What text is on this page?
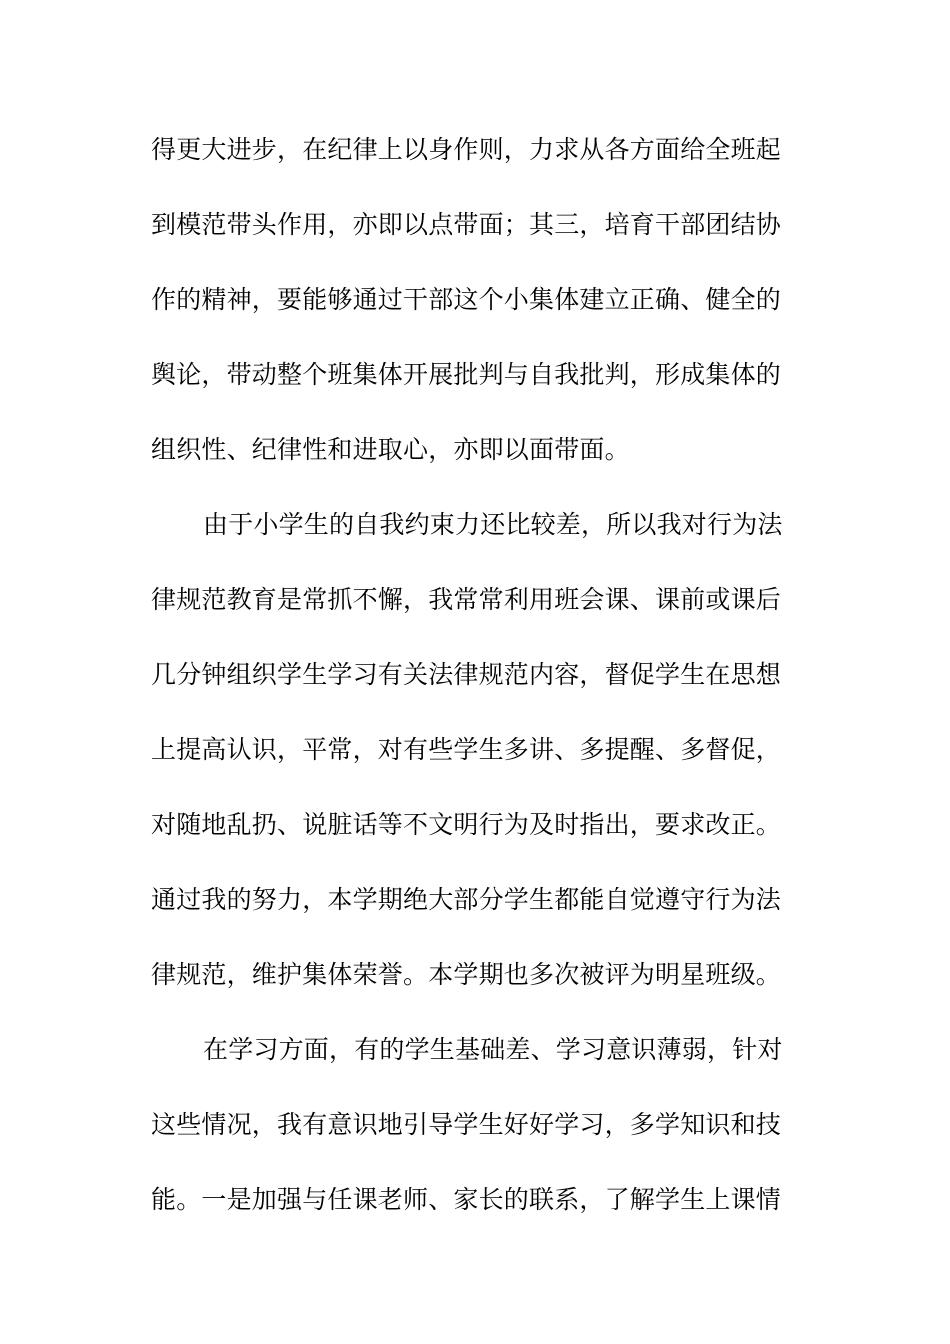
得更大进步，在纪律上以身作则，力求从各方面给全班起
到模范带头作用，亦即以点带面；其三，培育干部团结协
作的精神，要能够通过干部这个小集体建立正确、健全的
舆论，带动整个班集体开展批判与自我批判，形成集体的
组织性、纪律性和进取心，亦即以面带面。
由于小学生的自我约束力还比较差，所以我对行为法
律规范教育是常抓不懈，我常常利用班会课、课前或课后
几分钟组织学生学习有关法律规范内容，督促学生在思想
上提高认识，平常，对有些学生多讲、多提醒、多督促，
对随地乱扔、说脏话等不文明行为及时指出，要求改正。
通过我的努力，本学期绝大部分学生都能自觉遵守行为法
律规范，维护集体荣誉。本学期也多次被评为明星班级。
在学习方面，有的学生基础差、学习意识薄弱，针对
这些情况，我有意识地引导学生好好学习，多学知识和技
能。一是加强与任课老师、家长的联系，了解学生上课情
